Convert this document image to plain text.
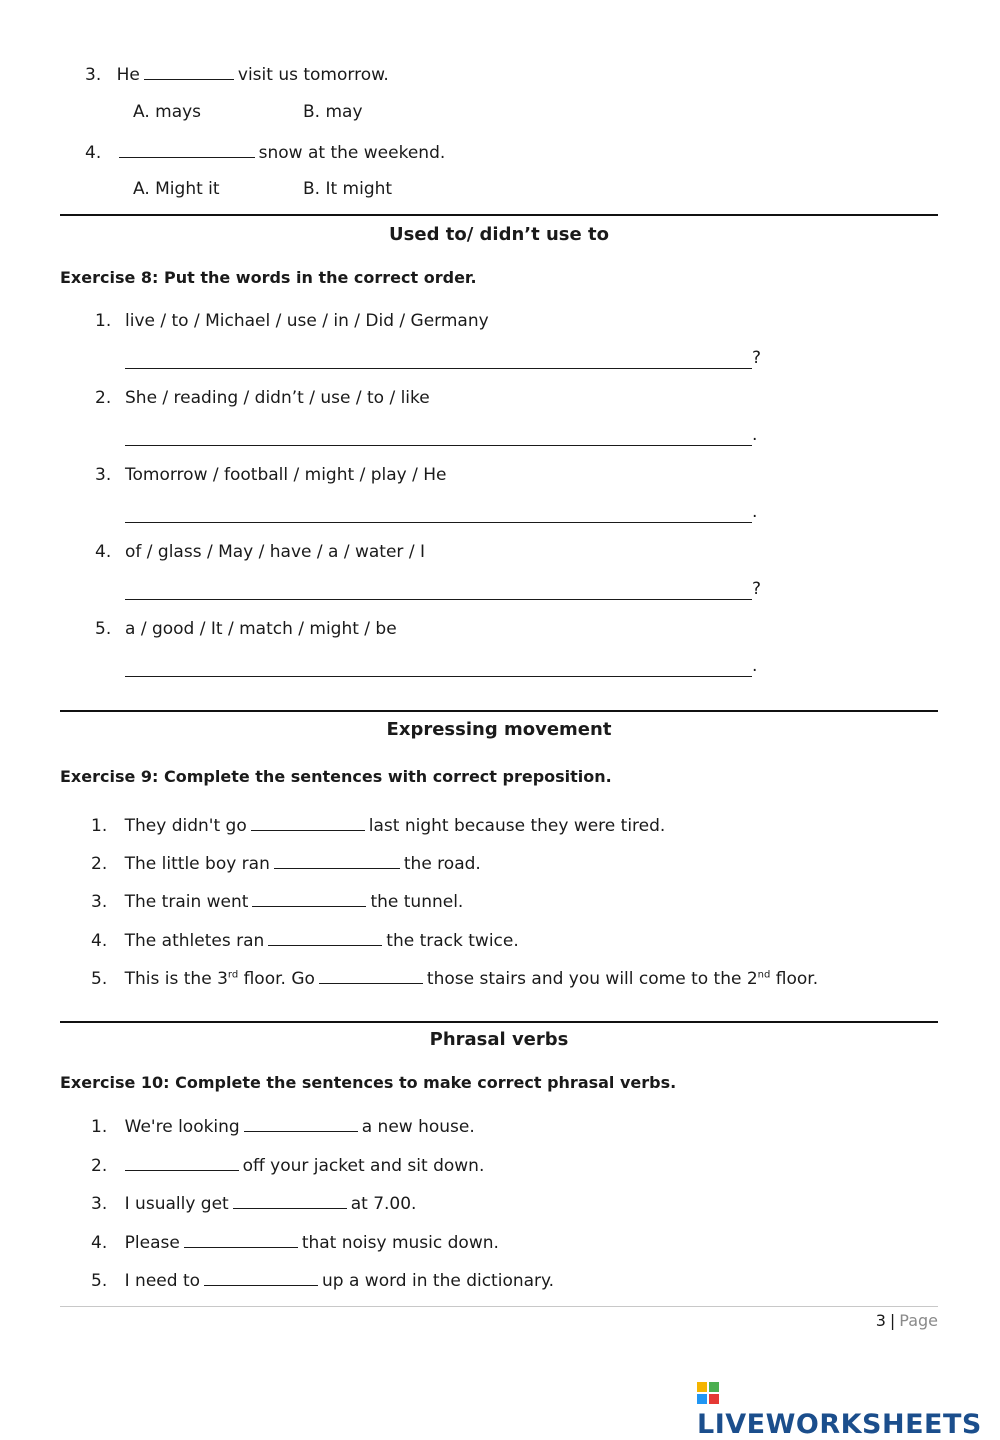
3. He	visit us tomorrow.
A. mays	B. may
4.	snow at the weekend.
A. Might it	B. It might
Used to/ didn’t use to
Exercise 8: Put the words in the correct order.
1. live / to / Michael / use / in / Did / Germany
?
2. She / reading / didn’t / use / to / like
.
3. Tomorrow / football / might / play / He
.
4. of / glass / May / have / a / water / I
?
5. a / good / It / match / might / be
.
Expressing movement
Exercise 9: Complete the sentences with correct preposition.
1. They didn't go	last night because they were tired.
2. The little boy ran	the road.
3. The train went	the tunnel.
4. The athletes ran	the track twice.
5. This is the 3rd floor. Go	those stairs and you will come to the 2nd floor.
Phrasal verbs
Exercise 10: Complete the sentences to make correct phrasal verbs.
1. We're looking	a new house.
2.	off your jacket and sit down.
3. I usually get	at 7.00.
4. Please	that noisy music down.
5. I need to	up a word in the dictionary.
3 | Page
LIVEWORKSHEETS
